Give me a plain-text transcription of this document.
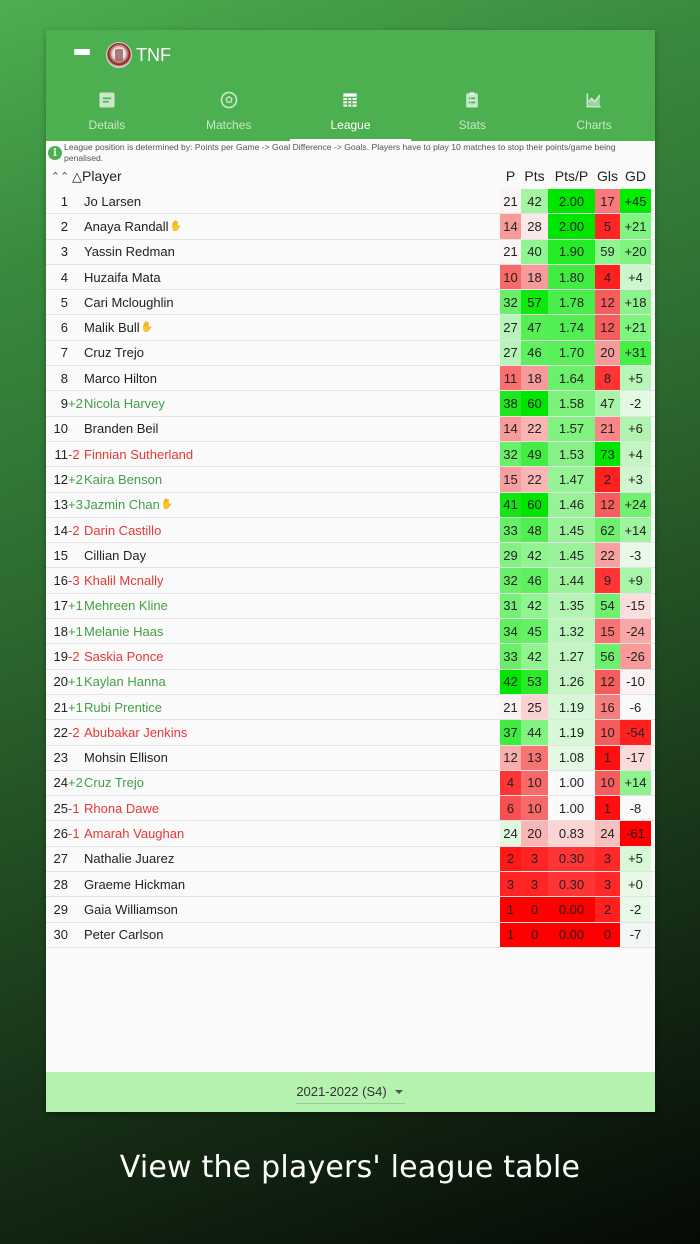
TNF
Details	Matches	League	Stats	Charts
i
League position is determined by: Points per Game -> Goal Difference -> Goals. Players have to play 10 matches to stop their points/game being penalised.
⌃⌃ △Player	P Pts Pts/P Gls GD
1 Jo Larsen	21 42	2.00	17 +45
2 Anaya Randall ✋	14 28	2.00	5	+21
3 Yassin Redman	21 40	1.90	59 +20
4 Huzaifa Mata	10 18	1.80	4	+4
5 Cari Mcloughlin	32 57	1.78	12 +18
6 Malik Bull ✋	27 47	1.74	12 +21
7 Cruz Trejo	27 46	1.70	20 +31
8 Marco Hilton	11 18	1.64	8	+5
9 +2 Nicola Harvey	38 60	1.58	47	-2
10 Branden Beil	14 22	1.57	21	+6
11 -2 Finnian Sutherland	32 49	1.53	73	+4
12 +2 Kaira Benson	15 22	1.47	2	+3
13 +3 Jazmin Chan ✋	41 60	1.46	12 +24
14 -2 Darin Castillo	33 48	1.45	62 +14
15 Cillian Day	29 42	1.45	22	-3
16 -3 Khalil Mcnally	32 46	1.44	9	+9
17 +1 Mehreen Kline	31 42	1.35	54 -15
18 +1 Melanie Haas	34 45	1.32	15 -24
19 -2 Saskia Ponce	33 42	1.27	56 -26
20 +1 Kaylan Hanna	42 53	1.26	12 -10
21 +1 Rubi Prentice	21 25	1.19	16	-6
22 -2 Abubakar Jenkins	37 44	1.19	10 -54
23 Mohsin Ellison	12 13	1.08	1	-17
24 +2 Cruz Trejo	4	10	1.00	10 +14
25 -1 Rhona Dawe	6	10	1.00	1	-8
26 -1 Amarah Vaughan	24 20	0.83	24 -61
27 Nathalie Juarez	2	3	0.30	3	+5
28 Graeme Hickman	3	3	0.30	3	+0
29 Gaia Williamson	1	0	0.00	2	-2
30 Peter Carlson	1	0	0.00	0	-7
2021-2022 (S4)
View the players' league table
